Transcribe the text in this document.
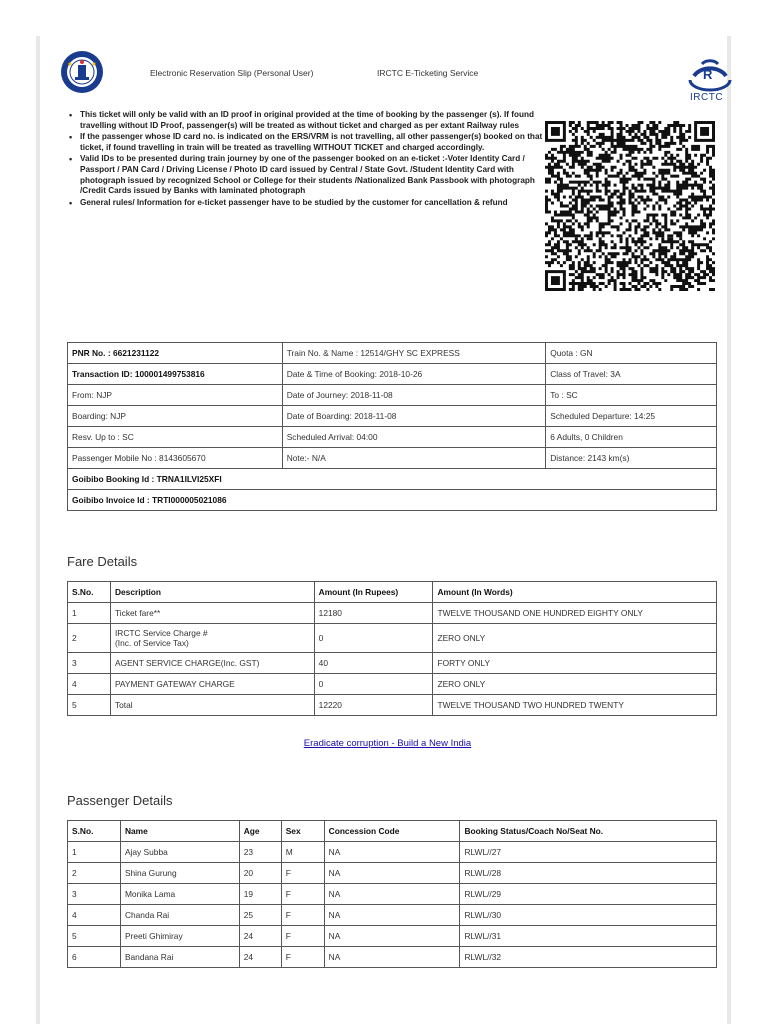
Electronic Reservation Slip (Personal User)	IRCTC E-Ticketing Service	R
IRCTC
• This ticket will only be valid with an ID proof in original provided at the time of booking by the passenger (s). If found travelling without ID Proof, passenger(s) will be treated as without ticket and charged as per extant Railway rules
• If the passenger whose ID card no. is indicated on the ERS/VRM is not travelling, all other passenger(s) booked on that ticket, if found travelling in train will be treated as travelling WITHOUT TICKET and charged accordingly.
• Valid IDs to be presented during train journey by one of the passenger booked on an e-ticket :-Voter Identity Card / Passport / PAN Card / Driving License / Photo ID card issued by Central / State Govt. /Student Identity Card with photograph issued by recognized School or College for their students /Nationalized Bank Passbook with photograph /Credit Cards issued by Banks with laminated photograph
• General rules/ Information for e-ticket passenger have to be studied by the customer for cancellation & refund
PNR No. : 6621231122	Train No. & Name : 12514/GHY SC EXPRESS	Quota : GN
Transaction ID: 100001499753816	Date & Time of Booking: 2018-10-26	Class of Travel: 3A
From: NJP	Date of Journey: 2018-11-08	To : SC
Boarding: NJP	Date of Boarding: 2018-11-08	Scheduled Departure: 14:25
Resv. Up to : SC	Scheduled Arrival: 04:00	6 Adults, 0 Children
Passenger Mobile No : 8143605670	Note:- N/A	Distance: 2143 km(s)
Goibibo Booking Id : TRNA1ILVI25XFI		
Goibibo Invoice Id : TRTI000005021086		
Fare Details
S.No.	Description	Amount (In Rupees)	Amount (In Words)
1	Ticket fare**	12180	TWELVE THOUSAND ONE HUNDRED EIGHTY ONLY
2	IRCTC Service Charge #
(Inc. of Service Tax)	0	ZERO ONLY
3	AGENT SERVICE CHARGE(Inc. GST)	40	FORTY ONLY
4	PAYMENT GATEWAY CHARGE	0	ZERO ONLY
5	Total	12220	TWELVE THOUSAND TWO HUNDRED TWENTY
Eradicate corruption - Build a New India
Passenger Details
S.No.	Name	Age	Sex	Concession Code	Booking Status/Coach No/Seat No.
1	Ajay Subba	23	M	NA	RLWL//27
2	Shina Gurung	20	F	NA	RLWL//28
3	Monika Lama	19	F	NA	RLWL//29
4	Chanda Rai	25	F	NA	RLWL//30
5	Preeti Ghimiray	24	F	NA	RLWL//31
6	Bandana Rai	24	F	NA	RLWL//32
